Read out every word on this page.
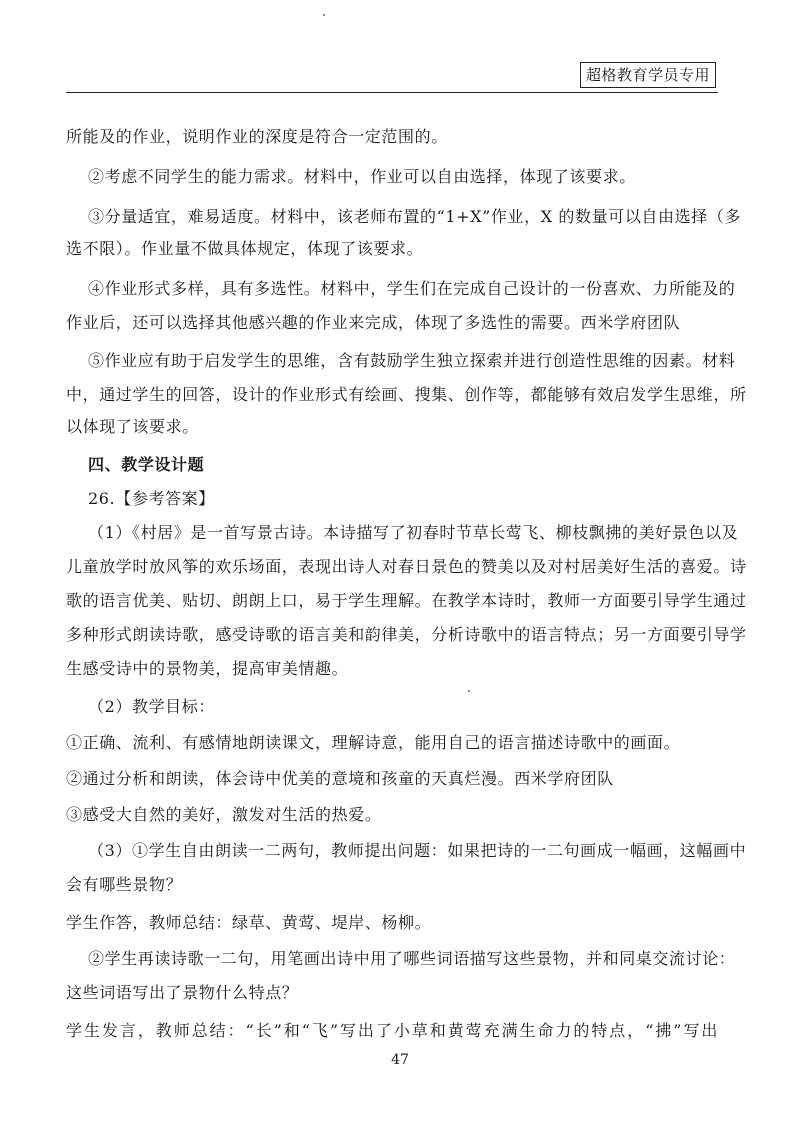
超格教育学员专用
所能及的作业，说明作业的深度是符合一定范围的。
②考虑不同学生的能力需求。材料中，作业可以自由选择，体现了该要求。
③分量适宜，难易适度。材料中，该老师布置的“1+X”作业，X 的数量可以自由选择（多
选不限）。作业量不做具体规定，体现了该要求。
④作业形式多样，具有多选性。材料中，学生们在完成自己设计的一份喜欢、力所能及的
作业后，还可以选择其他感兴趣的作业来完成，体现了多选性的需要。西米学府团队
⑤作业应有助于启发学生的思维，含有鼓励学生独立探索并进行创造性思维的因素。材料
中，通过学生的回答，设计的作业形式有绘画、搜集、创作等，都能够有效启发学生思维，所
以体现了该要求。
四、教学设计题
26.【参考答案】
（1）《村居》是一首写景古诗。本诗描写了初春时节草长莺飞、柳枝飘拂的美好景色以及
儿童放学时放风筝的欢乐场面，表现出诗人对春日景色的赞美以及对村居美好生活的喜爱。诗
歌的语言优美、贴切、朗朗上口，易于学生理解。在教学本诗时，教师一方面要引导学生通过
多种形式朗读诗歌，感受诗歌的语言美和韵律美，分析诗歌中的语言特点；另一方面要引导学
生感受诗中的景物美，提高审美情趣。
（2）教学目标：
①正确、流利、有感情地朗读课文，理解诗意，能用自己的语言描述诗歌中的画面。
②通过分析和朗读，体会诗中优美的意境和孩童的天真烂漫。西米学府团队
③感受大自然的美好，激发对生活的热爱。
（3）①学生自由朗读一二两句，教师提出问题：如果把诗的一二句画成一幅画，这幅画中
会有哪些景物？
学生作答，教师总结：绿草、黄莺、堤岸、杨柳。
②学生再读诗歌一二句，用笔画出诗中用了哪些词语描写这些景物，并和同桌交流讨论：
这些词语写出了景物什么特点？
学生发言，教师总结：“长”和“飞”写出了小草和黄莺充满生命力的特点，“拂”写出
47
